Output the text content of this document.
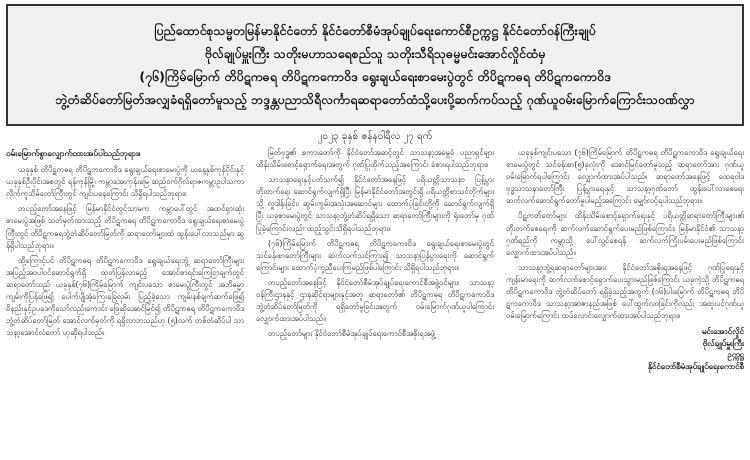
ပြည်ထောင်စုသမ္မတမြန်မာနိုင်ငံတော် နိုင်ငံတော်စီမံအုပ်ချုပ်ရေးကောင်စီဥက္ကဋ္ဌ နိုင်ငံတော်ဝန်ကြီးချုပ်
ဗိုလ်ချုပ်မှူးကြီး သတိုးမဟာသရေစည်သူ သတိုးသီရိသုဓမ္မမင်းအောင်လှိုင်ထံမှ
(၇၆)ကြိမ်မြောက် တိပိဋကဓရ တိပိဋကကောဝိဒ ရွေးချယ်ရေးစာမေးပွဲတွင် တိပိဋကဓရ တိပိဋကကောဝိဒ
ဘွဲ့တံဆိပ်တော်မြတ်အလျှခံရရှိတော်မူသည့် ဘဒ္ဒန္တပညာသိရီလင်္ကာရဆရာတော်ထံသို့ပေးပို့ဆက်ကပ်သည့် ဂုဏ်ယူဝမ်းမြောက်ကြောင်းသဝဏ်လွှာ
၂၀၂၃ ခုနှစ် ဇန်နဝါရီလ ၂၇ ရက်
ဝမ်းမြောက်စွာလျှောက်ထားအပ်ပါသည်ဘုရား။

ယခုနှစ် တိပိဋကဓရ တိပိဋကကောဝိဒ ရွေးချယ်ရေးစာမေးပွဲကို ယနေ့နှစ်ကုန်ပိုင်းနှင့် ယခုနှစ်ဦးပိုင်းအစတွင် ရန်ကုန်မြို့၊ ကမ္ဘာအေးကုန်းမြေ ဆည်ဝက်ဂိုလ်ရာဇကမ္ဘာဥပါသကာ လိုက်ကူသိမ်တော်ကြီးတွင် ကျင်းပနေကြောင်း သိရှိရပါသည်ဘုရား။

တပည့်တော်အနေဖြင့် မြန်မာနိုင်ငံတွင်သာမက ကမ္ဘာပေါ်တွင် အထင်ရှားဆုံး စာမေးပွဲအဖြစ် သတ်မှတ်ထားသည့် တိပိဋကဓရ တိပိဋကကောဝိဒ ရွေးချယ်ရေးစာမေးပွဲကြီးတွင် တိပိဋကဓရဘွဲ့တံဆိပ်တော်မြတ်ကို ဆရာတော်များထံ ထွန်းပေါ်လာသည်မှာ ဆွန်ရှိပါသည်ဘုရား။

ထို့ကြောင့်ပင် တိပိဋကဓရ တိပိဋကကောဝိဒ ရွေးချယ်ရေးဘွဲ့ ဆရာတော်ကြီးများ အပြည့်အဝပါဝင်ဆောင်ရွက်ရှိ ထုတ်ပြန်လာမည့် အောင်စာရင်းကြေငြာချက်တွင် ဆရာတော်သည် ယခုနှစ်(၇၆)ကြိမ်မြောက် ကျင်းပသော စာမေးပွဲကြီးတွင် အဘိဓမ္မာကျမ်းကိုပြန်ဖြေ၍ ပေါက်ပျိုအံ့ကြေးခြေလှမ်း ပြည့်ခဲ့သော ကျမ်းနစ်ချက်ဆက်ဖြေ၍ ဝိနည်းနှင့်ဥပဒေကိုသော်လည်းကောင်း ဖြေဆိုအောင်မြင်၍ တိပိဋကဓရ တိပိဋကကောဝိဒ ဘွဲ့တံဆိပ်တော်မြတ် အောင်လက်မှတ်ကို ရရှိလာဘသည်ဟု (၅)လက် တစ်တံဆိပ်ပါ သာသနာ့အောင်လံတော် ဟုဆိုရပါသည်။

မြတ်ဗုဒ္ဓ၏ စကားတော်ကို နိုင်ငံတော်အဆင့်တွင် သာသနာ့အမွေခံ ပညာရှင်များ ထိန်းသိမ်းစောင့်ရှောက်ရေးအတွက် ဂုဏ်ပြုထိုက်သည့်အကြောင်း ခံစားရပါသည်ဘုရား။

သာသနာရေးနှင့်ပတ်သက်၍ နိုင်ငံတော်အနေဖြင့် ပရိယတ္တိသာသနာ ပြန့်ပွားတိုးတက်ရေး ဆောင်ရွက်လျက်ရှိပြီး မြန်မာနိုင်ငံတော်အတွင်းရှိ ပရိယတ္တိစာသင်တိုက်များသို့ လှူဒါန်းခြင်း၊ ဆွမ်းကွမ်းအသုံးအဆောင်များ ထောက်ပံ့ခြင်းတို့ကို ဆောင်ရွက်လျက်ရှိပြီး ယခုစာမေးပွဲတွင် သာသနာ့ဘွဲ့တံဆိပ်ရရှိသော ဆရာတော်ကြီးများကို ရုံးတော်မှ ဂုဏ်ပြုခဲ့ကြောင်းလည်း ထည့်သွင်းသိရှိရပါသည်ဘုရား။

(၇၆)ကြိမ်မြောက် တိပိဋကဓရ တိပိဋကကောဝိဒ ရွေးချယ်ရေးစာမေးပွဲတွင် သင်ခန်းစာတော်ကြီးများ ဆက်လက်သင်ကြား၍ သာသနာ့ပြန်ပွားရေးကို ဆောင်ရွက်ကြောင်းများ ထောက်ပံ့ကူညီပေးကြမည်ဖြစ်ပါကြောင်း သိရှိရပါသည်ဘုရား။

တပည့်တော်အနေဖြင့် နိုင်ငံတော်စီမံအုပ်ချုပ်ရေးကောင်စီအဖွဲ့ဝင်များ၊ သာသနာ့ဝန်ကြီးဌာနနှင့် ဌာနဆိုင်ရာများနှင့်အတူ ဆရာတော်၏ တိပိဋကဓရ တိပိဋကကောဝိဒ ဘွဲ့တံဆိပ်တော်မြတ်ကို ရရှိတော်မူခြင်းအတွက် ဝမ်းမြောက်ဂုဏ်ယူပါကြောင်း လျှောက်ထားအပ်ပါသည်။

တပည့်တော်များ နိုင်ငံတော်စီမံအုပ်ချုပ်ရေးကောင်စီအစိုးရအဖွဲ့

ယခုနှစ်ကျင်းပသော (၇၆)ကြိမ်မြောက် တိပိဋကဓရ တိပိဋကကောဝိဒ ရွေးချယ်ရေးစာမေးပွဲတွင် သင်ခန်းစာ(၅)ခုလုံးကို အောင်မြင်တော်မူသည့် ဆရာတော်အား ဂုဏ်ယူဝမ်းမြောက်ရပါကြောင်း လျှောက်ထားအပ်ပါသည်။ ဆရာတော်အနေဖြင့် ထေရဝါဒဗုဒ္ဓသာသနာတော်ကြီး ပြန့်ပွားရေးနှင့် သာသနာ့ဂုဏ်တော် ထွန်းပေါ်လာစေရေး ဆက်လက်ဆောင်ရွက်တော်မူပါမည့်အကြောင်း မျှော်လင့်ရပါသည်ဘုရား။

ပိဋကတ်တော်များ ထိန်းသိမ်းစောင့်ရှောက်ရေးနှင့် ပရိယတ္တိဆရာတော်ကြီးများ၏ တိုးတက်စေရေးကို ဆက်လက်ဆောင်ရွက်ပေးမည်ဖြစ်ကြောင်း၊ မြန်မာနိုင်ငံ၏ သာသနာ့ဂုဏ်ရည်ကို ကမ္ဘာသို့ ပေါ်လွင်စေရန် ဆက်လက်ကြိုးပမ်းပေးမည်ဖြစ်ကြောင်း လျှောက်ထားအပ်ပါသည်။

သာသနာ့ဘွဲ့ရဆရာတော်များအား နိုင်ငံတော်အစိုးရအနေဖြင့် ဂုဏ်ပြုရေးနှင့် ကျန်းမာရေးကို ဆက်လက်စောင့်ရှောက်ပေးသွားမည်ဖြစ်ကြောင်း ယခုကဲ့သို့ တိပိဋကဓရ တိပိဋကကောဝိဒ ဘွဲ့တံဆိပ်တော် ရရှိခဲ့သည့်အတွက် (၁၆)ပါးမြောက် တိပိဋကဓရ တိပိဋကကောဝိဒ သာသနာ့အာဇာနည်အဖြစ် ပေါ်ထွက်လာခြင်းကိုလည်း အထူးပင်ဂုဏ်ယူဝမ်းမြောက်ကြောင်း ထပ်လောင်းလျှောက်ထားအပ်ပါသည်ဘုရား။

မင်းအောင်လှိုင်
ဗိုလ်ချုပ်မှူးကြီး
ဥက္ကဋ္ဌ
နိုင်ငံတော်စီမံအုပ်ချုပ်ရေးကောင်စီ
